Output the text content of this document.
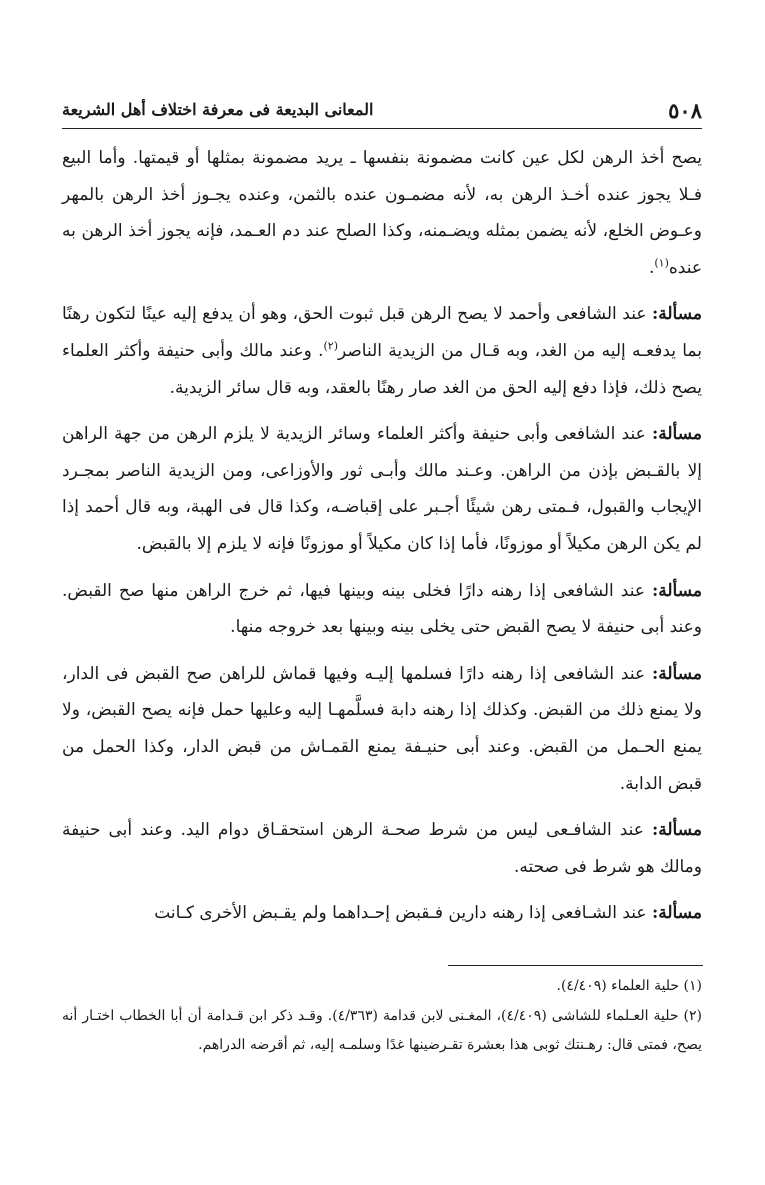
٥٠٨
المعانى البديعة فى معرفة اختلاف أهل الشريعة

يصح أخذ الرهن لكل عين كانت مضمونة بنفسها ـ يريد مضمونة بمثلها أو قيمتها. وأما البيع فـلا يجوز عنده أخـذ الرهن به، لأنه مضمـون عنده بالثمن، وعنده يجـوز أخذ الرهن بالمهر وعـوض الخلع، لأنه يضمن بمثله ويضـمنه، وكذا الصلح عند دم العـمد، فإنه يجوز أخذ الرهن به عنده$^{(١)}$.

مسألة: عند الشافعى وأحمد لا يصح الرهن قبل ثبوت الحق، وهو أن يدفع إليه عينًا لتكون رهنًا بما يدفعـه إليه من الغد، وبه قـال من الزيدية الناصر$^{(٢)}$. وعند مالك وأبى حنيفة وأكثر العلماء يصح ذلك، فإذا دفع إليه الحق من الغد صار رهنًا بالعقد، وبه قال سائر الزيدية.

مسألة: عند الشافعى وأبى حنيفة وأكثر العلماء وسائر الزيدية لا يلزم الرهن من جهة الراهن إلا بالقـبض بإذن من الراهن. وعـند مالك وأبـى ثور والأوزاعى، ومن الزيدية الناصر بمجـرد الإيجاب والقبول، فـمتى رهن شيئًا أجـبر على إقباضـه، وكذا قال فى الهبة، وبه قال أحمد إذا لم يكن الرهن مكيلاً أو موزونًا، فأما إذا كان مكيلاً أو موزونًا فإنه لا يلزم إلا بالقبض.

مسألة: عند الشافعى إذا رهنه دارًا فخلى بينه وبينها فيها، ثم خرج الراهن منها صح القبض. وعند أبى حنيفة لا يصح القبض حتى يخلى بينه وبينها بعد خروجه منها.

مسألة: عند الشافعى إذا رهنه دارًا فسلمها إليـه وفيها قماش للراهن صح القبض فى الدار، ولا يمنع ذلك من القبض. وكذلك إذا رهنه دابة فسلَّمهـا إليه وعليها حمل فإنه يصح القبض، ولا يمنع الحـمل من القبض. وعند أبى حنيـفة يمنع القمـاش من قبض الدار، وكذا الحمل من قبض الدابة.

مسألة: عند الشافـعى ليس من شرط صحـة الرهن استحقـاق دوام اليد. وعند أبى حنيفة ومالك هو شرط فى صحته.

مسألة: عند الشـافعى إذا رهنه دارين فـقبض إحـداهما ولم يقـبض الأخرى كـانت

(١) حلية العلماء (٤/٤٠٩).

(٢) حلية العـلماء للشاشى (٤/٤٠٩)، المغـنى لابن قدامة (٤/٣٦٣). وقـد ذكر ابن قـدامة أن أبا الخطاب اختـار أنه يصح، فمتى قال: رهـنتك ثوبى هذا بعشرة تقـرضينها غدًا وسلمـه إليه، ثم أقرضه الدراهم.
